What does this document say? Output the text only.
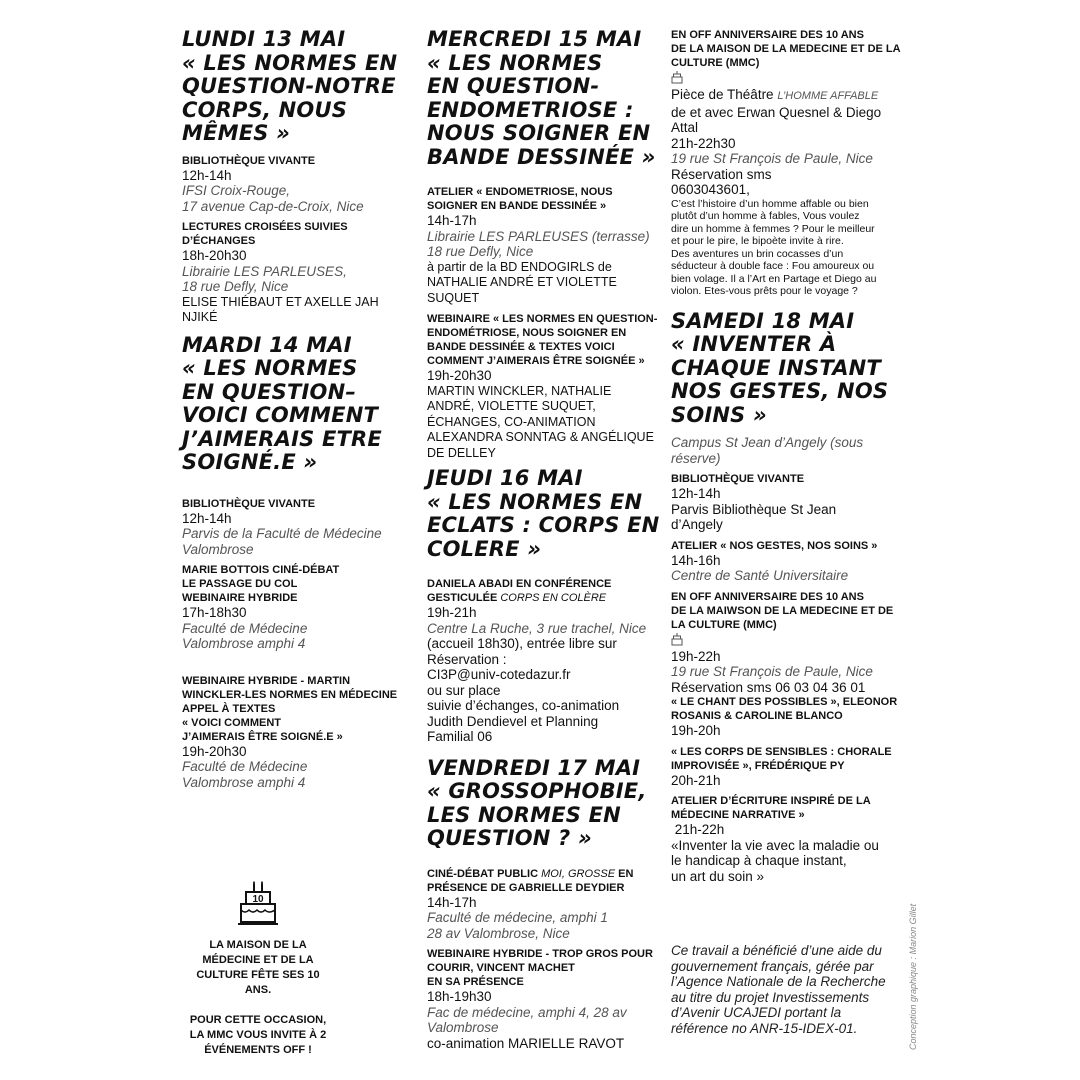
LUNDI 13 MAI
« LES NORMES EN
QUESTION-NOTRE
CORPS, NOUS
MÊMES »
BIBLIOTHÈQUE VIVANTE
12h-14h
IFSI Croix-Rouge,
17 avenue Cap-de-Croix, Nice
LECTURES CROISÉES SUIVIES D’ÉCHANGES
18h-20h30
Librairie LES PARLEUSES,
18 rue Defly, Nice
ELISE THIÉBAUT ET AXELLE JAH NJIKÉ
MARDI 14 MAI
« LES NORMES
EN QUESTION–
VOICI COMMENT
J’AIMERAIS ETRE
SOIGNÉ.E »
BIBLIOTHÈQUE VIVANTE
12h-14h
Parvis de la Faculté de Médecine
Valombrose
MARIE BOTTOIS CINÉ-DÉBAT
LE PASSAGE DU COL
WEBINAIRE HYBRIDE
17h-18h30
Faculté de Médecine
Valombrose amphi 4
WEBINAIRE HYBRIDE - MARTIN
WINCKLER-LES NORMES EN MÉDECINE
APPEL À TEXTES
« VOICI COMMENT
J’AIMERAIS ÊTRE SOIGNÉ.E »
19h-20h30
Faculté de Médecine
Valombrose amphi 4
MERCREDI 15 MAI
« LES NORMES
EN QUESTION-
ENDOMETRIOSE :
NOUS SOIGNER EN
BANDE DESSINÉE »
ATELIER « ENDOMETRIOSE, NOUS SOIGNER EN BANDE DESSINÉE »
14h-17h
Librairie LES PARLEUSES (terrasse)
18 rue Defly, Nice
à partir de la BD ENDOGIRLS de
NATHALIE ANDRÉ ET VIOLETTE
SUQUET
WEBINAIRE « LES NORMES EN QUESTION-ENDOMÉTRIOSE, NOUS SOIGNER EN BANDE DESSINÉE & TEXTES VOICI COMMENT J’AIMERAIS ÊTRE SOIGNÉE »
19h-20h30
MARTIN WINCKLER, NATHALIE
ANDRÉ, VIOLETTE SUQUET,
ÉCHANGES, CO-ANIMATION
ALEXANDRA SONNTAG & ANGÉLIQUE
DE DELLEY
JEUDI 16 MAI
« LES NORMES EN
ECLATS : CORPS EN
COLERE »
DANIELA ABADI EN CONFÉRENCE GESTICULÉE CORPS EN COLÈRE
19h-21h
Centre La Ruche, 3 rue trachel, Nice
(accueil 18h30), entrée libre sur
Réservation :
CI3P@univ-cotedazur.fr
ou sur place
suivie d’échanges, co-animation
Judith Dendievel et Planning
Familial 06
VENDREDI 17 MAI
« GROSSOPHOBIE,
LES NORMES EN
QUESTION ? »
CINÉ-DÉBAT PUBLIC MOI, GROSSE EN PRÉSENCE DE GABRIELLE DEYDIER
14h-17h
Faculté de médecine, amphi 1
28 av Valombrose, Nice
WEBINAIRE HYBRIDE - TROP GROS POUR
COURIR, VINCENT MACHET
EN SA PRÉSENCE
18h-19h30
Fac de médecine, amphi 4, 28 av
Valombrose
co-animation MARIELLE RAVOT
EN OFF ANNIVERSAIRE DES 10 ANS
DE LA MAISON DE LA MEDECINE ET DE LA
CULTURE (MMC)
Pièce de Théâtre L’HOMME AFFABLE
de et avec Erwan Quesnel & Diego
Attal
21h-22h30
19 rue St François de Paule, Nice
Réservation sms
0603043601,
C’est l’histoire d’un homme affable ou bien
plutôt d’un homme à fables, Vous voulez
dire un homme à femmes ? Pour le meilleur
et pour le pire, le bipoète invite à rire.
Des aventures un brin cocasses d’un
séducteur à double face : Fou amoureux ou
bien volage. Il a l’Art en Partage et Diego au
violon. Etes-vous prêts pour le voyage ?
SAMEDI 18 MAI
« INVENTER À
CHAQUE INSTANT
NOS GESTES, NOS
SOINS »
Campus St Jean d’Angely (sous
réserve)
BIBLIOTHÈQUE VIVANTE
12h-14h
Parvis Bibliothèque St Jean
d’Angely
ATELIER « NOS GESTES, NOS SOINS »
14h-16h
Centre de Santé Universitaire
EN OFF ANNIVERSAIRE DES 10 ANS
DE LA MAIWSON DE LA MEDECINE ET DE
LA CULTURE (MMC)
19h-22h
19 rue St François de Paule, Nice
Réservation sms 06 03 04 36 01
« LE CHANT DES POSSIBLES », ELEONOR
ROSANIS & CAROLINE BLANCO
19h-20h
« LES CORPS DE SENSIBLES : CHORALE
IMPROVISÉE », FRÉDÉRIQUE PY
20h-21h
ATELIER D’ÉCRITURE INSPIRÉ DE LA
MÉDECINE NARRATIVE »
21h-22h
«Inventer la vie avec la maladie ou
le handicap à chaque instant,
un art du soin »
Ce travail a bénéficié d’une aide du
gouvernement français, gérée par
l’Agence Nationale de la Recherche
au titre du projet Investissements
d’Avenir UCAJEDI portant la
référence no ANR-15-IDEX-01.
10
LA MAISON DE LA
MÉDECINE ET DE LA
CULTURE FÊTE SES 10 ANS.
POUR CETTE OCCASION,
LA MMC VOUS INVITE À 2
ÉVÉNEMENTS OFF !	Conception graphique : Marion Gillet
